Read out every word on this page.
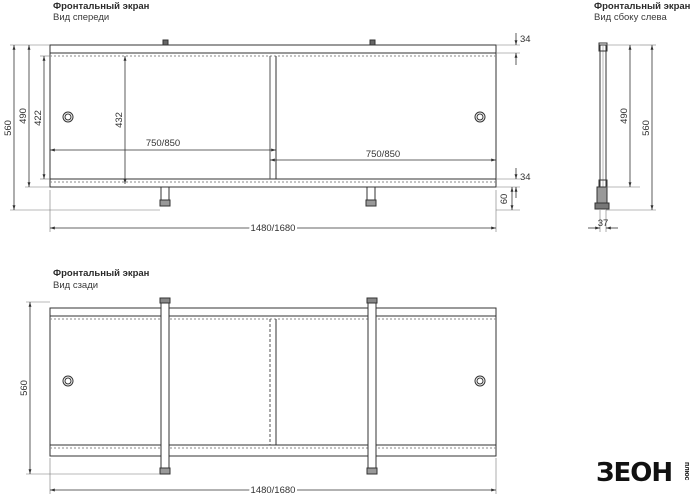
Фронтальный экран
Вид спереди
Фронтальный экран
Вид сбоку слева
Фронтальный экран
Вид сзади
560
490 422	432
750/850
750/850
34
34
60
1480/1680
490
560
37
560
1480/1680
ЗЕОН плюс
